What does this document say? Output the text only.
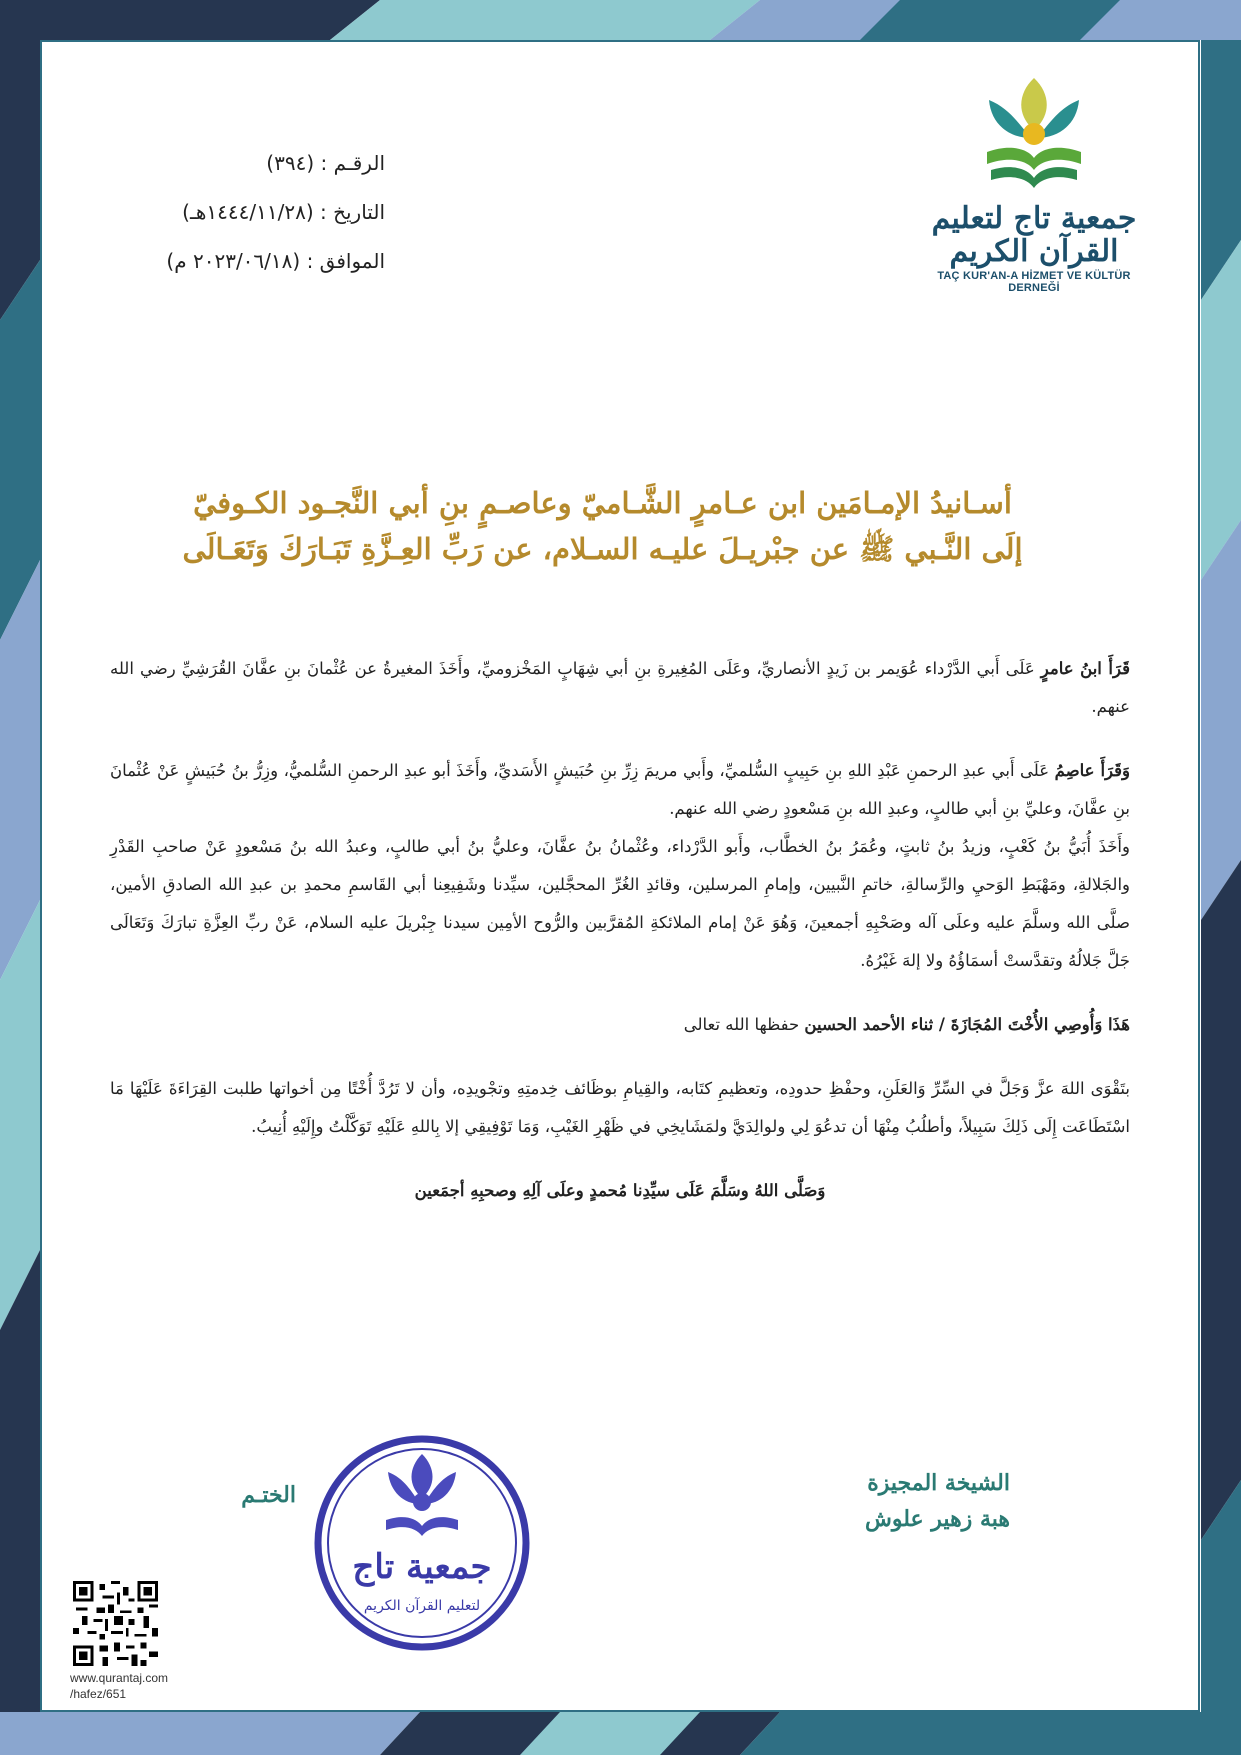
جمعية تاج لتعليم القرآن الكريم
TAÇ KUR'AN-A HİZMET VE KÜLTÜR DERNEĞİ
الرقـم : (٣٩٤)
التاريخ : (١٤٤٤/١١/٢٨هـ)
الموافق : (٢٠٢٣/٠٦/١٨ م)
أسـانيدُ الإمـامَين ابن عـامرٍ الشَّـاميّ وعاصـمٍ بنِ أبي النَّجـود الكـوفيّ
إلَى النَّـبي ﷺ عن جبْريـلَ عليـه السـلام، عن رَبِّ العِـزَّةِ تَبَـارَكَ وَتَعَـالَى

قَرَأَ ابنُ عامرٍ عَلَى أَبي الدَّرْداء عُوَيمر بن زَيدٍ الأنصاريِّ، وعَلَى المُغِيرةِ بنِ أبي شِهَابٍ المَخْزوميِّ، وأَخَذَ المغيرةُ عن عُثْمانَ بنِ عفَّانَ القُرَشِيِّ رضي الله عنهم.

وَقَرَأَ عاصِمُ عَلَى أَبي عبدِ الرحمنِ عَبْدِ اللهِ بنِ حَبِيبٍ السُّلميِّ، وأَبي مريمَ زِرِّ بنِ حُبَيشٍ الأَسَديِّ، وأَخَذَ أبو عبدِ الرحمنِ السُّلميُّ، وزِرُّ بنُ حُبَيشٍ عَنْ عُثْمانَ بنِ عفَّانَ، وعليِّ بنِ أبي طالبٍ، وعبدِ الله بنِ مَسْعودٍ رضي الله عنهم.

وأَخَذَ أُبَيُّ بنُ كَعْبٍ، وزيدُ بنُ ثابتٍ، وعُمَرُ بنُ الخطَّاب، وأَبو الدَّرْداء، وعُثْمانُ بنُ عفَّانَ، وعليُّ بنُ أبي طالبٍ، وعبدُ الله بنُ مَسْعودٍ عَنْ صاحبِ القَدْرِ والجَلالةِ، ومَهْبَطِ الوَحيِ والرِّسالةِ، خاتمِ النَّبيين، وإمامِ المرسلين، وقائدِ الغُرِّ المحجَّلين، سيِّدنا وشَفِيعِنا أبي القَاسمِ محمدِ بن عبدِ الله الصادقِ الأمين، صلَّى الله وسلَّمَ عليه وعلَى آله وصَحْبِهِ أجمعينَ، وَهُوَ عَنْ إمام الملائكةِ المُقرَّبين والرُّوح الأمِين سيدنا جِبْريلَ عليه السلام، عَنْ ربِّ العِزَّةِ تبارَكَ وَتَعَالَى جَلَّ جَلالُهُ وتقدَّستْ أسمَاؤُهُ ولا إلهَ غَيْرُهُ.

هَذَا وَأُوصِي الأُخْتَ المُجَازَةَ / ثناء الأحمد الحسين حفظها الله تعالى

بتَقْوَى اللهَ عزَّ وَجَلَّ في السِّرِّ وَالعَلَنِ، وحفْظِ حدودِه، وتعظيمِ كتَابه، والقِيامِ بوظَائف خِدمتِهِ وتجْويدِه، وأن لا تَرُدَّ أُخْتًا مِن أخواتها طلبت القِرَاءَةَ عَلَيْهَا مَا اسْتَطَاعَت إِلَى ذَلِكَ سَبِيلاً، وأطلُبُ مِنْهَا أن تدعُوَ لِي ولوالِدَيَّ ولمَشَايخِي في ظَهْرِ الغَيْبِ، وَمَا تَوْفِيقِي إلا بِاللهِ عَلَيْهِ تَوَكَّلْتُ وإِلَيْهِ أُنِيبُ.

وَصَلَّى اللهُ وسَلَّمَ عَلَى سيِّدِنا مُحمدٍ وعلَى آلِهِ وصحبِهِ أجمَعين

الشيخة المجيزة
هبة زهير علوش
الختـم
جمعية تاج
لتعليم القرآن الكريم
www.qurantaj.com
/hafez/651
